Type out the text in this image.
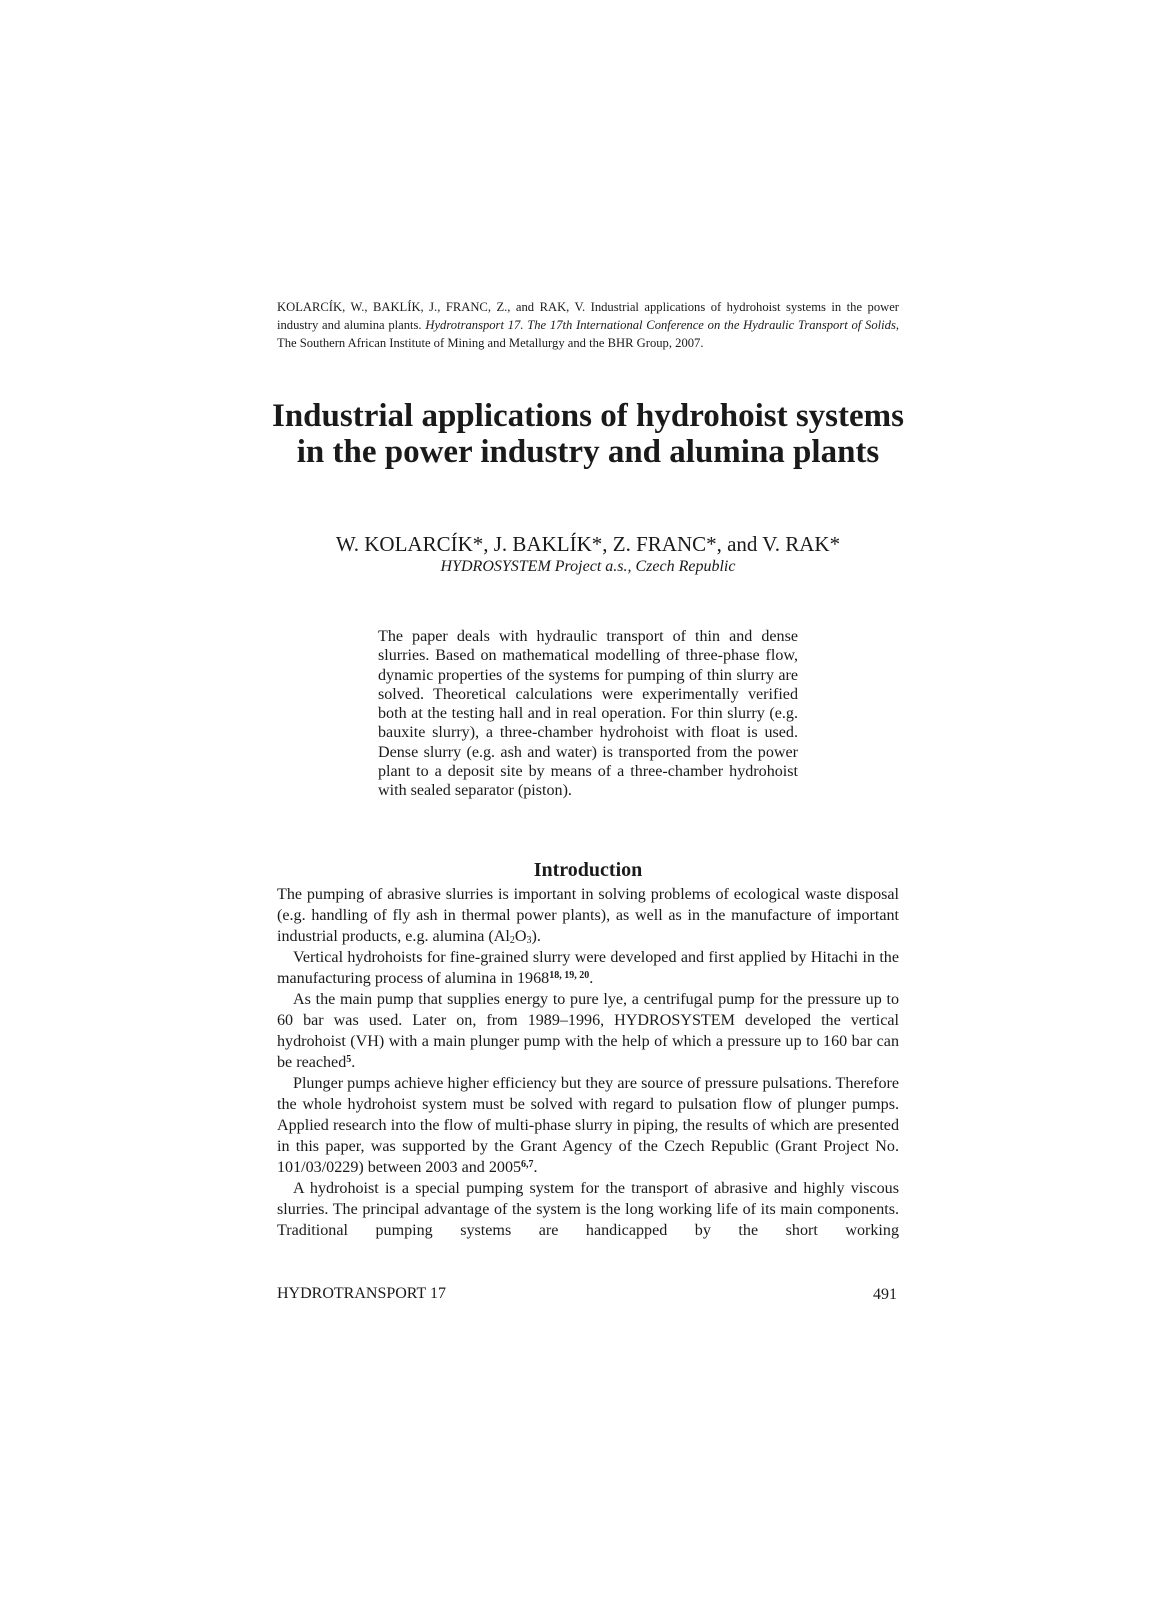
KOLARCÍK, W., BAKLÍK, J., FRANC, Z., and RAK, V. Industrial applications of hydrohoist systems in the power industry and alumina plants. Hydrotransport 17. The 17th International Conference on the Hydraulic Transport of Solids, The Southern African Institute of Mining and Metallurgy and the BHR Group, 2007.
Industrial applications of hydrohoist systems in the power industry and alumina plants
W. KOLARCÍK*, J. BAKLÍK*, Z. FRANC*, and V. RAK*
HYDROSYSTEM Project a.s., Czech Republic
The paper deals with hydraulic transport of thin and dense slurries. Based on mathematical modelling of three-phase flow, dynamic properties of the systems for pumping of thin slurry are solved. Theoretical calculations were experimentally verified both at the testing hall and in real operation. For thin slurry (e.g. bauxite slurry), a three-chamber hydrohoist with float is used. Dense slurry (e.g. ash and water) is transported from the power plant to a deposit site by means of a three-chamber hydrohoist with sealed separator (piston).
Introduction

The pumping of abrasive slurries is important in solving problems of ecological waste disposal (e.g. handling of fly ash in thermal power plants), as well as in the manufacture of important industrial products, e.g. alumina $(Al_2O_3)$.

Vertical hydrohoists for fine-grained slurry were developed and first applied by Hitachi in the manufacturing process of alumina in 1968$^{18, 19, 20}$.

As the main pump that supplies energy to pure lye, a centrifugal pump for the pressure up to 60 bar was used. Later on, from 1989–1996, HYDROSYSTEM developed the vertical hydrohoist (VH) with a main plunger pump with the help of which a pressure up to 160 bar can be reached$^5$.

Plunger pumps achieve higher efficiency but they are source of pressure pulsations. Therefore the whole hydrohoist system must be solved with regard to pulsation flow of plunger pumps. Applied research into the flow of multi-phase slurry in piping, the results of which are presented in this paper, was supported by the Grant Agency of the Czech Republic (Grant Project No. 101/03/0229) between 2003 and 2005$^{6,7}$.

A hydrohoist is a special pumping system for the transport of abrasive and highly viscous slurries. The principal advantage of the system is the long working life of its main components. Traditional pumping systems are handicapped by the short working

HYDROTRANSPORT 17	491
